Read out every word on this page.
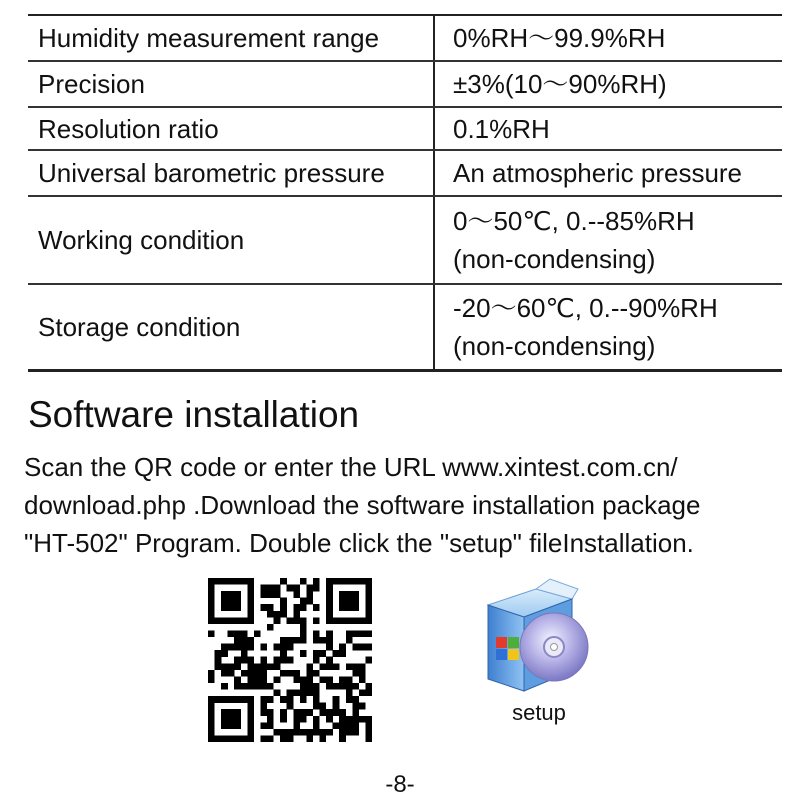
Humidity measurement range	0%RH～99.9%RH
Precision	±3%(10～90%RH)
Resolution ratio	0.1%RH
Universal barometric pressure	An atmospheric pressure
Working condition	0～50℃, 0.--85%RH
(non-condensing)

Storage condition	-20～60℃, 0.--90%RH
(non-condensing)
Software installation
Scan the QR code or enter the URL www.xintest.com.cn/
download.php .Download the software installation package
"HT-502" Program. Double click the "setup" fileInstallation.
setup
-8-
